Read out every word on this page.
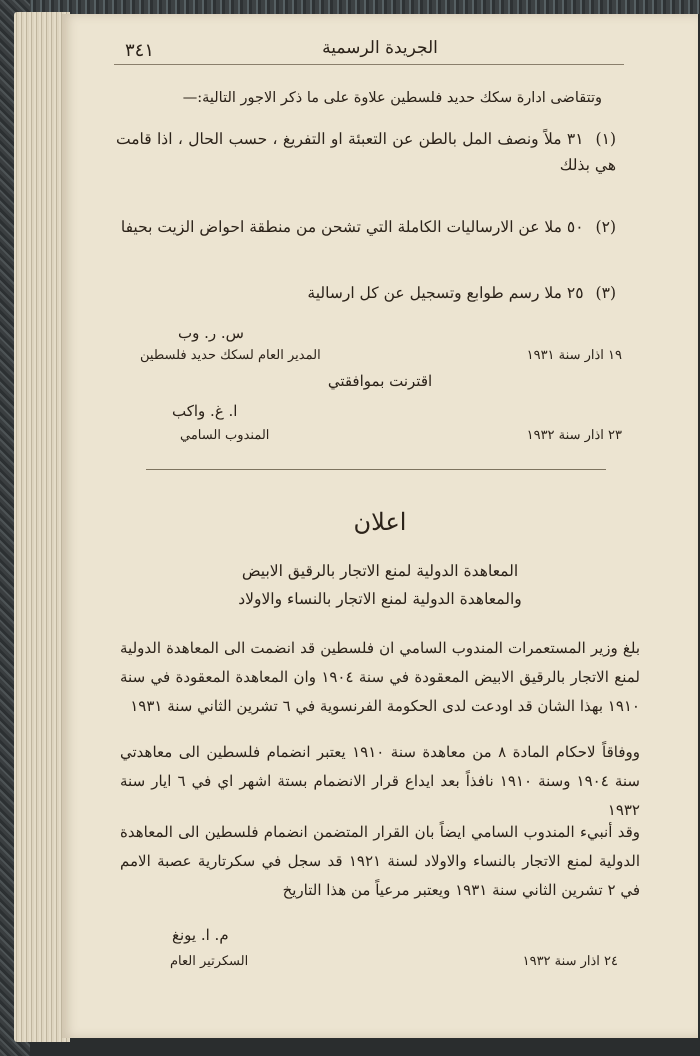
٣٤١	الجريدة الرسمية
وتتقاضى ادارة سكك حديد فلسطين علاوة على ما ذكر الاجور التالية:—
(١)٣١ ملاً ونصف المل بالطن عن التعبئة او التفريغ ، حسب الحال ، اذا قامت هي بذلك
(٢)٥٠ ملا عن الارساليات الكاملة التي تشحن من منطقة احواض الزيت بحيفا
(٣)٢٥ ملا رسم طوابع وتسجيل عن كل ارسالية
س. ر. وب
١٩ اذار سنة ١٩٣١
المدير العام لسكك حديد فلسطين
اقترنت بموافقتي
ا. غ. واكب
٢٣ اذار سنة ١٩٣٢
المندوب السامي
اعلان
المعاهدة الدولية لمنع الاتجار بالرقيق الابيض
والمعاهدة الدولية لمنع الاتجار بالنساء والاولاد
بلغ وزير المستعمرات المندوب السامي ان فلسطين قد انضمت الى المعاهدة الدولية لمنع الاتجار بالرقيق الابيض المعقودة في سنة ١٩٠٤ وان المعاهدة المعقودة في سنة ١٩١٠ بهذا الشان قد اودعت لدى الحكومة الفرنسوية في ٦ تشرين الثاني سنة ١٩٣١
ووفاقاً لاحكام المادة ٨ من معاهدة سنة ١٩١٠ يعتبر انضمام فلسطين الى معاهدتي سنة ١٩٠٤ وسنة ١٩١٠ نافذاً بعد ايداع قرار الانضمام بستة اشهر اي في ٦ ايار سنة ١٩٣٢
وقد أنبيء المندوب السامي ايضاً بان القرار المتضمن انضمام فلسطين الى المعاهدة الدولية لمنع الاتجار بالنساء والاولاد لسنة ١٩٢١ قد سجل في سكرتارية عصبة الامم في ٢ تشرين الثاني سنة ١٩٣١ ويعتبر مرعياً من هذا التاريخ
م. ا. يونغ
٢٤ اذار سنة ١٩٣٢
السكرتير العام
